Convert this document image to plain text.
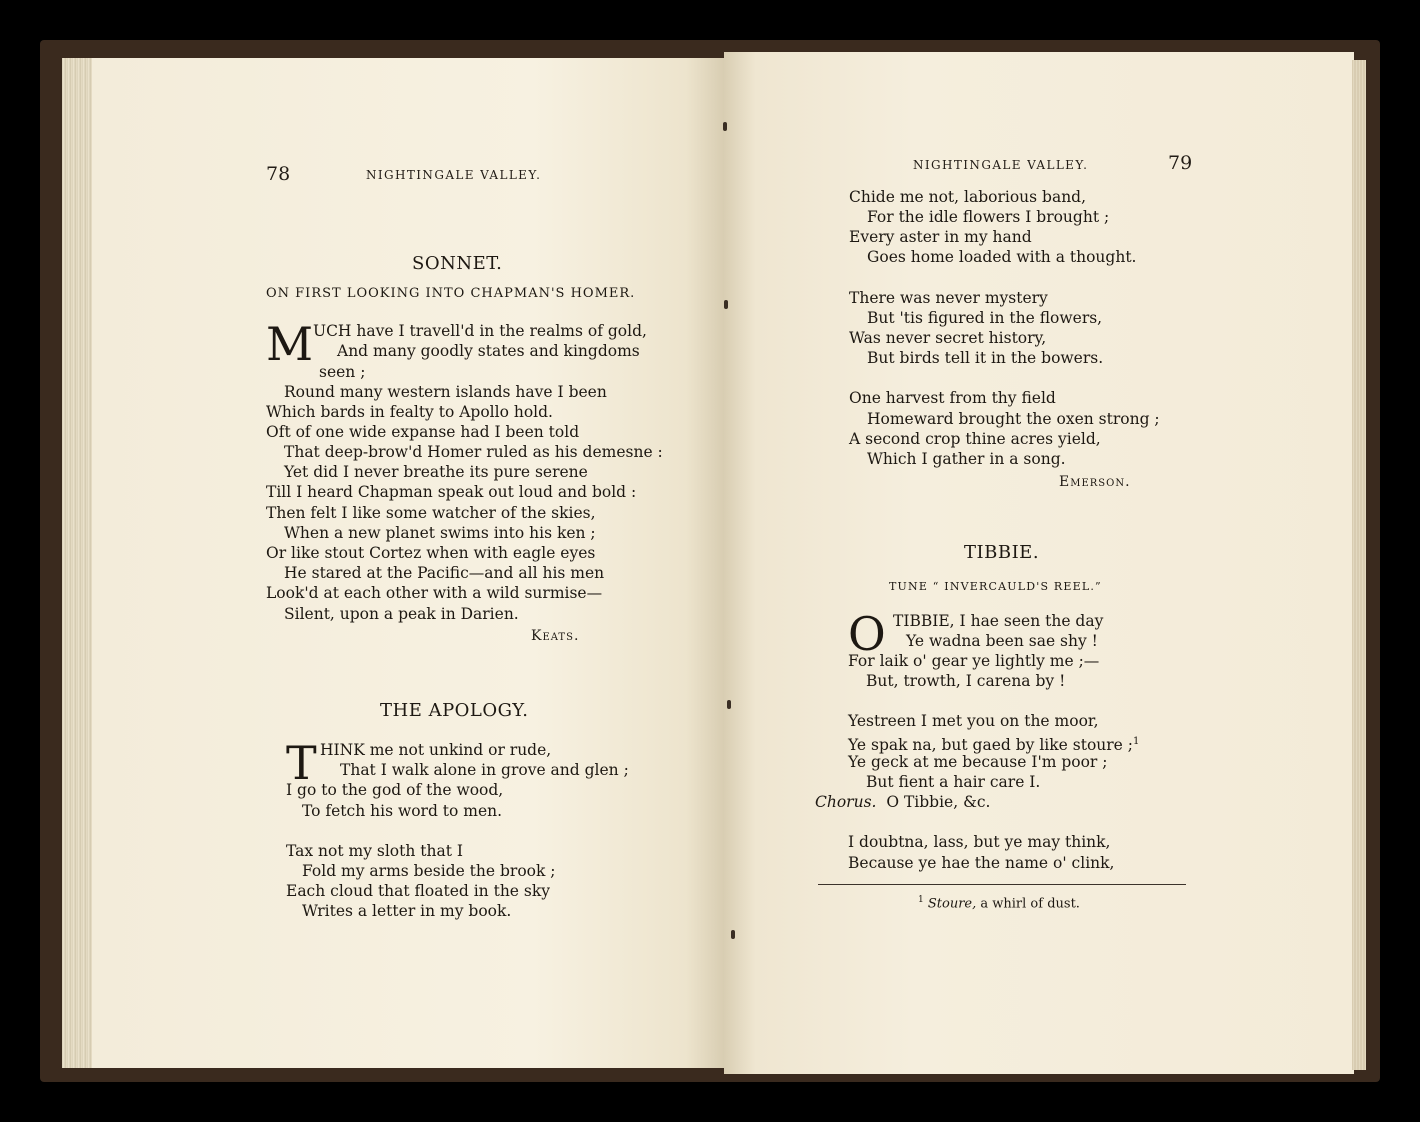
78	NIGHTINGALE VALLEY.
SONNET.
ON FIRST LOOKING INTO CHAPMAN'S HOMER.
M UCH have I travell'd in the realms of gold,
And many goodly states and kingdoms
seen ;
Round many western islands have I been
Which bards in fealty to Apollo hold.
Oft of one wide expanse had I been told
That deep-brow'd Homer ruled as his demesne :
Yet did I never breathe its pure serene
Till I heard Chapman speak out loud and bold :
Then felt I like some watcher of the skies,
When a new planet swims into his ken ;
Or like stout Cortez when with eagle eyes
He stared at the Pacific—and all his men
Look'd at each other with a wild surmise—
Silent, upon a peak in Darien.
Keats.
THE APOLOGY.
T HINK me not unkind or rude,
That I walk alone in grove and glen ;
I go to the god of the wood,
To fetch his word to men.
Tax not my sloth that I
Fold my arms beside the brook ;
Each cloud that floated in the sky
Writes a letter in my book.
NIGHTINGALE VALLEY.	79
Chide me not, laborious band,
For the idle flowers I brought ;
Every aster in my hand
Goes home loaded with a thought.
There was never mystery
But 'tis figured in the flowers,
Was never secret history,
But birds tell it in the bowers.
One harvest from thy field
Homeward brought the oxen strong ;
A second crop thine acres yield,
Which I gather in a song.
Emerson.
TIBBIE.
TUNE “ INVERCAULD'S REEL.”
O TIBBIE, I hae seen the day
Ye wadna been sae shy !
For laik o' gear ye lightly me ;—
But, trowth, I carena by !
Yestreen I met you on the moor,
Ye spak na, but gaed by like stoure ;$^1$
Ye geck at me because I'm poor ;
But fient a hair care I.
Chorus. O Tibbie, &c.
I doubtna, lass, but ye may think,
Because ye hae the name o' clink,
$^1$ Stoure, a whirl of dust.
